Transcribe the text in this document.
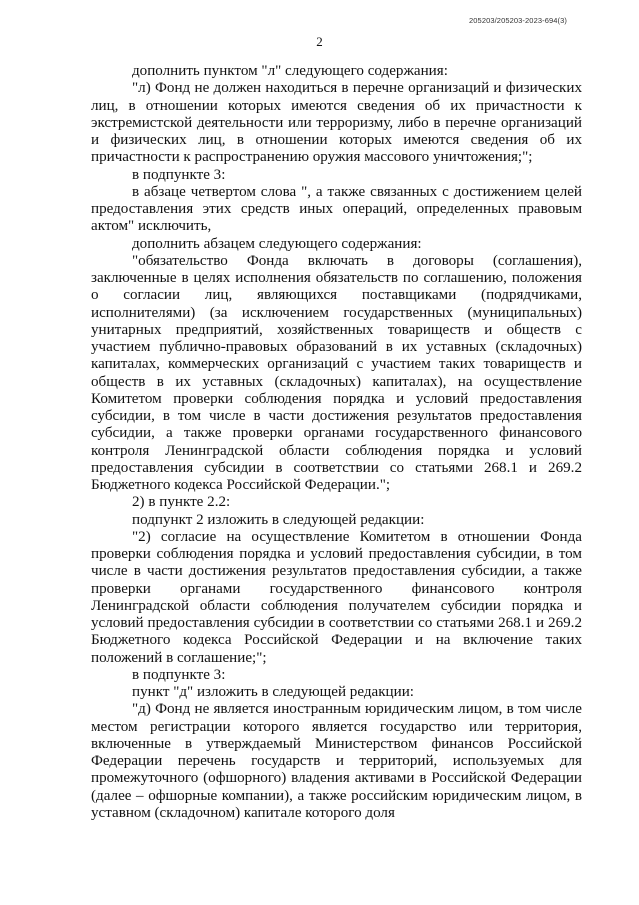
205203/205203-2023-694(3)
2

дополнить пунктом "л" следующего содержания:

"л) Фонд не должен находиться в перечне организаций и физических лиц, в отношении которых имеются сведения об их причастности к экстремистской деятельности или терроризму, либо в перечне организаций и физических лиц, в отношении которых имеются сведения об их причастности к распространению оружия массового уничтожения;";

в подпункте 3:

в абзаце четвертом слова ", а также связанных с достижением целей предоставления этих средств иных операций, определенных правовым актом" исключить,

дополнить абзацем следующего содержания:

"обязательство Фонда включать в договоры (соглашения), заключенные в целях исполнения обязательств по соглашению, положения о согласии лиц, являющихся поставщиками (подрядчиками, исполнителями) (за исключением государственных (муниципальных) унитарных предприятий, хозяйственных товариществ и обществ с участием публично-правовых образований в их уставных (складочных) капиталах, коммерческих организаций с участием таких товариществ и обществ в их уставных (складочных) капиталах), на осуществление Комитетом проверки соблюдения порядка и условий предоставления субсидии, в том числе в части достижения результатов предоставления субсидии, а также проверки органами государственного финансового контроля Ленинградской области соблюдения порядка и условий предоставления субсидии в соответствии со статьями 268.1 и 269.2 Бюджетного кодекса Российской Федерации.";

2) в пункте 2.2:

подпункт 2 изложить в следующей редакции:

"2) согласие на осуществление Комитетом в отношении Фонда проверки соблюдения порядка и условий предоставления субсидии, в том числе в части достижения результатов предоставления субсидии, а также проверки органами государственного финансового контроля Ленинградской области соблюдения получателем субсидии порядка и условий предоставления субсидии в соответствии со статьями 268.1 и 269.2 Бюджетного кодекса Российской Федерации и на включение таких положений в соглашение;";

в подпункте 3:

пункт "д" изложить в следующей редакции:

"д) Фонд не является иностранным юридическим лицом, в том числе местом регистрации которого является государство или территория, включенные в утверждаемый Министерством финансов Российской Федерации перечень государств и территорий, используемых для промежуточного (офшорного) владения активами в Российской Федерации (далее – офшорные компании), а также российским юридическим лицом, в уставном (складочном) капитале которого доля
